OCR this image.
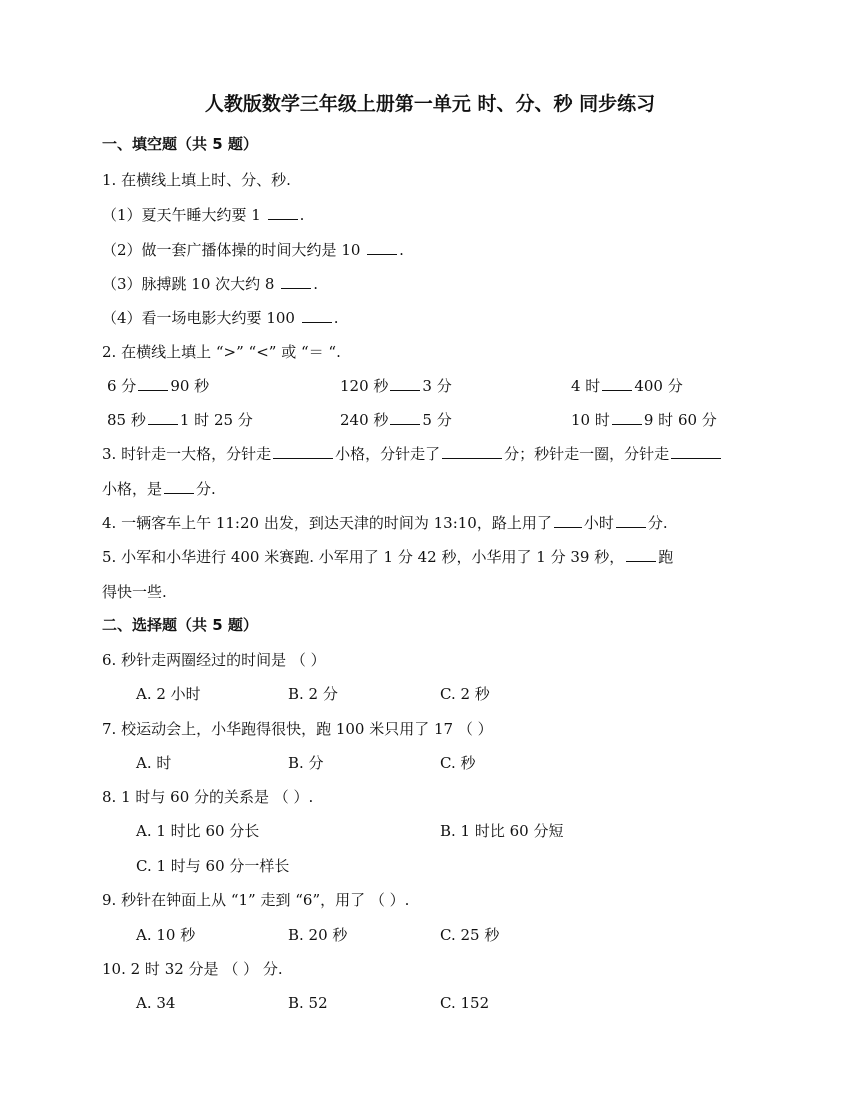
人教版数学三年级上册第一单元 时、分、秒 同步练习
一、填空题（共 5 题）
1. 在横线上填上时、分、秒.
（1）夏天午睡大约要 1 .
（2）做一套广播体操的时间大约是 10 .
（3）脉搏跳 10 次大约 8 .
（4）看一场电影大约要 100 .
2. 在横线上填上 “>” “<” 或 “＝ “.
6 分 90 秒	120 秒 3 分	4 时 400 分
85 秒 1 时 25 分	240 秒 5 分	10 时 9 时 60 分
3. 时针走一大格，分针走	小格，分针走了	分；秒针走一圈，分针走
小格，是 分.
4. 一辆客车上午 11:20 出发，到达天津的时间为 13:10，路上用了 小时 分.
5. 小军和小华进行 400 米赛跑. 小军用了 1 分 42 秒，小华用了 1 分 39 秒， 跑
得快一些.
二、选择题（共 5 题）
6. 秒针走两圈经过的时间是 （ ）
A. 2 小时	B. 2 分	C. 2 秒
7. 校运动会上，小华跑得很快，跑 100 米只用了 17 （ ）
A. 时	B. 分	C. 秒
8. 1 时与 60 分的关系是 （ ）.
A. 1 时比 60 分长	B. 1 时比 60 分短
C. 1 时与 60 分一样长
9. 秒针在钟面上从 “1” 走到 “6”，用了 （ ）.
A. 10 秒	B. 20 秒	C. 25 秒
10. 2 时 32 分是 （ ） 分.
A. 34	B. 52	C. 152
